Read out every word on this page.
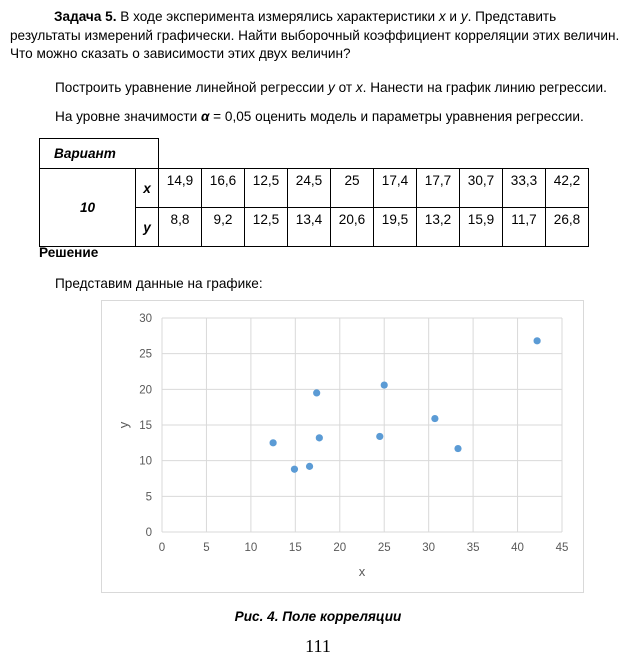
Задача 5. В ходе эксперимента измерялись характеристики x и y. Представить результаты измерений графически. Найти выборочный коэффициент корреляции этих величин. Что можно сказать о зависимости этих двух величин?

Построить уравнение линейной регрессии y от x. Нанести на график линию регрессии.

На уровне значимости α = 0,05 оценить модель и параметры уравнения регрессии.

Вариант											
10	x	14,9	16,6	12,5	24,5	25	17,4	17,7	30,7	33,3	42,2
	y	8,8	9,2	12,5	13,4	20,6	19,5	13,2	15,9	11,7	26,8

Решение

Представим данные на графике:

0	5	10	15	20	25	30	35	40	45
0
5
10
15
20
25
30
x
y
Рис. 4. Поле корреляции
111
